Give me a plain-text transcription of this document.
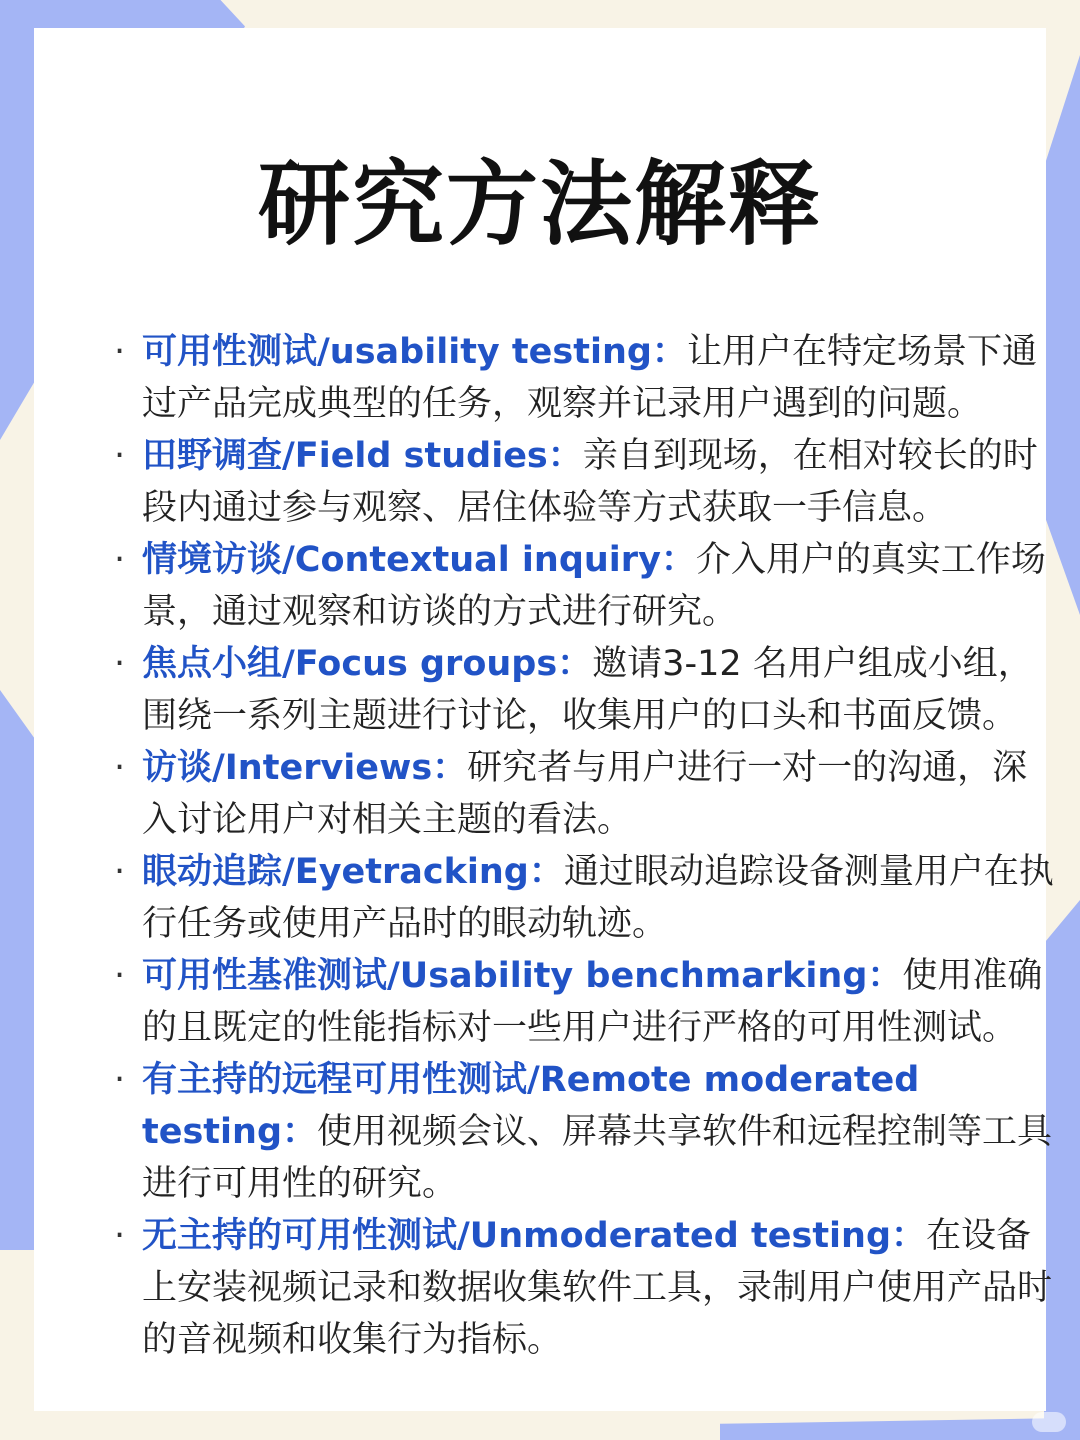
研究方法解释
· 可用性测试/usability testing：让用户在特定场景下通过产品完成典型的任务，观察并记录用户遇到的问题。
· 田野调查/Field studies：亲自到现场，在相对较长的时段内通过参与观察、居住体验等方式获取一手信息。
· 情境访谈/Contextual inquiry：介入用户的真实工作场景，通过观察和访谈的方式进行研究。
· 焦点小组/Focus groups：邀请3-12 名用户组成小组，围绕一系列主题进行讨论，收集用户的口头和书面反馈。
· 访谈/Interviews：研究者与用户进行一对一的沟通，深入讨论用户对相关主题的看法。
· 眼动追踪/Eyetracking：通过眼动追踪设备测量用户在执行任务或使用产品时的眼动轨迹。
· 可用性基准测试/Usability benchmarking：使用准确的且既定的性能指标对一些用户进行严格的可用性测试。
· 有主持的远程可用性测试/Remote moderated testing：使用视频会议、屏幕共享软件和远程控制等工具进行可用性的研究。
· 无主持的可用性测试/Unmoderated testing：在设备上安装视频记录和数据收集软件工具，录制用户使用产品时的音视频和收集行为指标。
